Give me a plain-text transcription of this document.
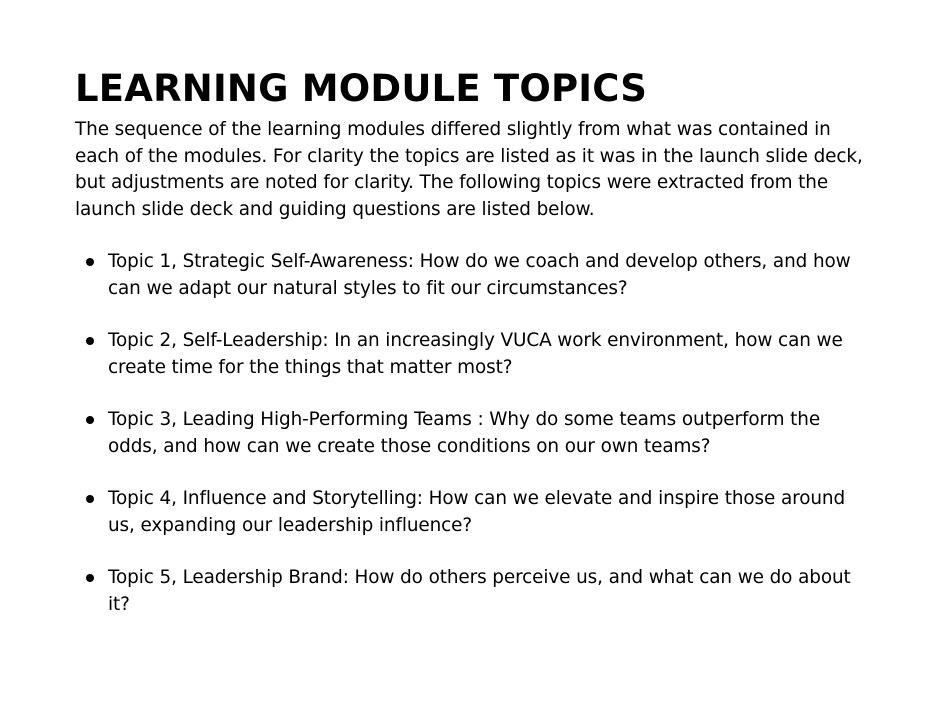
LEARNING MODULE TOPICS

The sequence of the learning modules differed slightly from what was contained in each of the modules. For clarity the topics are listed as it was in the launch slide deck, but adjustments are noted for clarity. The following topics were extracted from the launch slide deck and guiding questions are listed below.

Topic 1, Strategic Self-Awareness: How do we coach and develop others, and how can we adapt our natural styles to fit our circumstances?
Topic 2, Self-Leadership: In an increasingly VUCA work environment, how can we create time for the things that matter most?
Topic 3, Leading High-Performing Teams : Why do some teams outperform the odds, and how can we create those conditions on our own teams?
Topic 4, Influence and Storytelling: How can we elevate and inspire those around us, expanding our leadership influence?
Topic 5, Leadership Brand: How do others perceive us, and what can we do about it?
